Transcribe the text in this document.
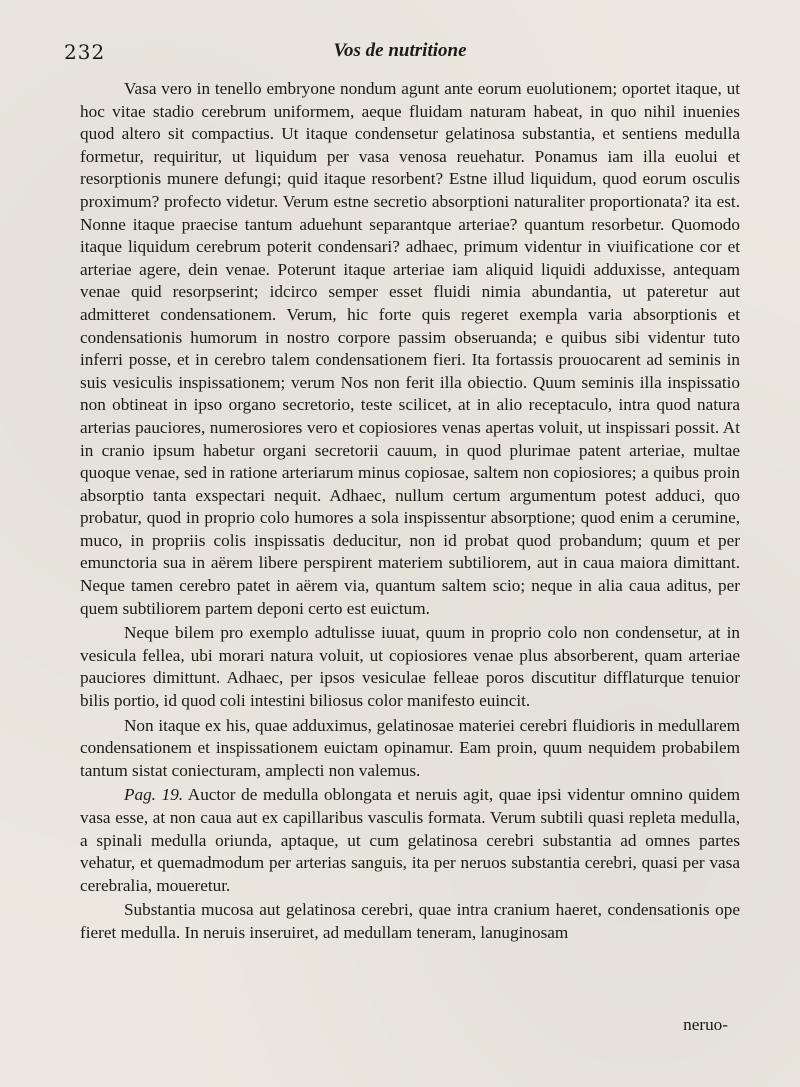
232	Vos de nutritione

Vasa vero in tenello embryone nondum agunt ante eorum euolutionem; oportet itaque, ut hoc vitae stadio cerebrum uniformem, aeque fluidam naturam habeat, in quo nihil inuenies quod altero sit compactius. Ut itaque condensetur gelatinosa substantia, et sentiens medulla formetur, requiritur, ut liquidum per vasa venosa reuehatur. Ponamus iam illa euolui et resorptionis munere defungi; quid itaque resorbent? Estne illud liquidum, quod eorum osculis proximum? profecto videtur. Verum estne secretio absorptioni naturaliter proportionata? ita est. Nonne itaque praecise tantum aduehunt separantque arteriae? quantum resorbetur. Quomodo itaque liquidum cerebrum poterit condensari? adhaec, primum videntur in viuificatione cor et arteriae agere, dein venae. Poterunt itaque arteriae iam aliquid liquidi adduxisse, antequam venae quid resorpserint; idcirco semper esset fluidi nimia abundantia, ut pateretur aut admitteret condensationem. Verum, hic forte quis regeret exempla varia absorptionis et condensationis humorum in nostro corpore passim obseruanda; e quibus sibi videntur tuto inferri posse, et in cerebro talem condensationem fieri. Ita fortassis prouocarent ad seminis in suis vesiculis inspissationem; verum Nos non ferit illa obiectio. Quum seminis illa inspissatio non obtineat in ipso organo secretorio, teste scilicet, at in alio receptaculo, intra quod natura arterias pauciores, numerosiores vero et copiosiores venas apertas voluit, ut inspissari possit. At in cranio ipsum habetur organi secretorii cauum, in quod plurimae patent arteriae, multae quoque venae, sed in ratione arteriarum minus copiosae, saltem non copiosiores; a quibus proin absorptio tanta exspectari nequit. Adhaec, nullum certum argumentum potest adduci, quo probatur, quod in proprio colo humores a sola inspissentur absorptione; quod enim a cerumine, muco, in propriis colis inspissatis deducitur, non id probat quod probandum; quum et per emunctoria sua in aërem libere perspirent materiem subtiliorem, aut in caua maiora dimittant. Neque tamen cerebro patet in aërem via, quantum saltem scio; neque in alia caua aditus, per quem subtiliorem partem deponi certo est euictum.

Neque bilem pro exemplo adtulisse iuuat, quum in proprio colo non condensetur, at in vesicula fellea, ubi morari natura voluit, ut copiosiores venae plus absorberent, quam arteriae pauciores dimittunt. Adhaec, per ipsos vesiculae felleae poros discutitur difflaturque tenuior bilis portio, id quod coli intestini biliosus color manifesto euincit.

Non itaque ex his, quae adduximus, gelatinosae materiei cerebri fluidioris in medullarem condensationem et inspissationem euictam opinamur. Eam proin, quum nequidem probabilem tantum sistat coniecturam, amplecti non valemus.

Pag. 19. Auctor de medulla oblongata et neruis agit, quae ipsi videntur omnino quidem vasa esse, at non caua aut ex capillaribus vasculis formata. Verum subtili quasi repleta medulla, a spinali medulla oriunda, aptaque, ut cum gelatinosa cerebri substantia ad omnes partes vehatur, et quemadmodum per arterias sanguis, ita per neruos substantia cerebri, quasi per vasa cerebralia, moueretur.

Substantia mucosa aut gelatinosa cerebri, quae intra cranium haeret, condensationis ope fieret medulla. In neruis inseruiret, ad medullam teneram, lanuginosam

neruo-
